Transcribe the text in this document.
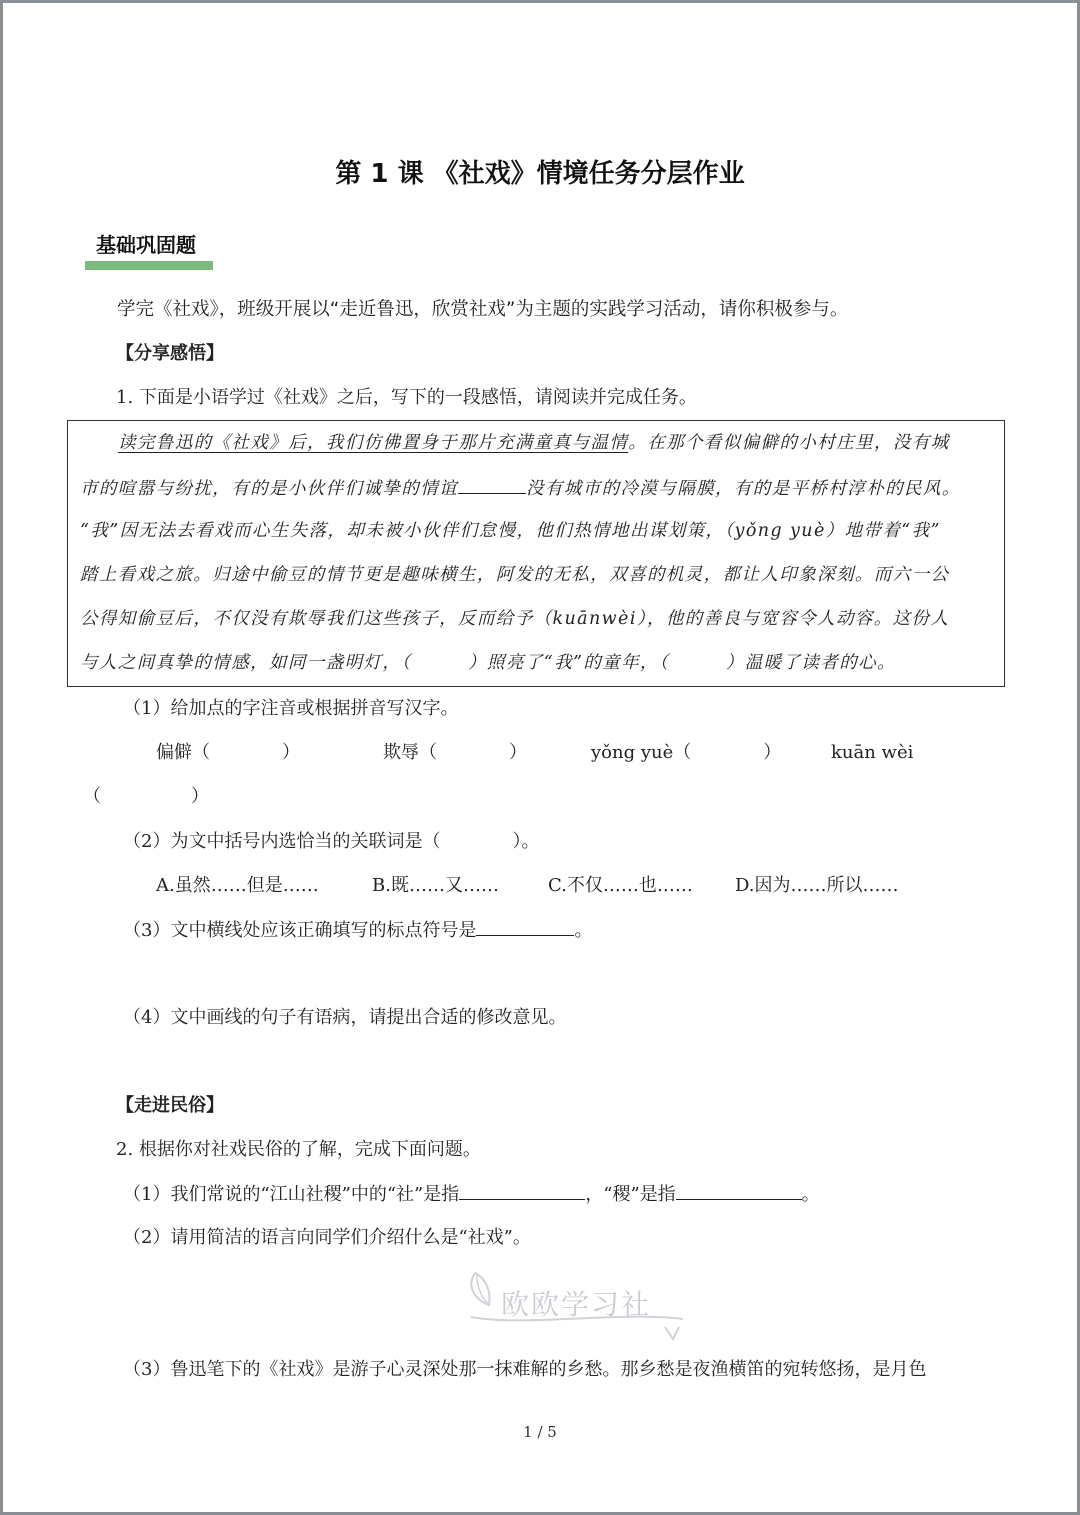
第 1 课 《社戏》情境任务分层作业
基础巩固题
学完《社戏》，班级开展以“走近鲁迅，欣赏社戏”为主题的实践学习活动，请你积极参与。
【分享感悟】
1. 下面是小语学过《社戏》之后，写下的一段感悟，请阅读并完成任务。
读完鲁迅的《社戏》后，我们仿佛置身于那片充满童真与温情。在那个看似偏僻的小村庄里，没有城
市的喧嚣与纷扰，有的是小伙伴们诚挚的情谊	没有城市的冷漠与隔膜，有的是平桥村淳朴的民风。
“我”因无法去看戏而心生失落，却未被小伙伴们怠慢，他们热情地出谋划策，（yǒng yuè）地带着“我”
踏上看戏之旅。归途中偷豆的情节更是趣味横生，阿发的无私，双喜的机灵，都让人印象深刻。而六一公
公得知偷豆后，不仅没有欺辱我们这些孩子，反而给予（kuānwèi），他的善良与宽容令人动容。这份人
与人之间真挚的情感，如同一盏明灯，（　　　）照亮了“我”的童年，（　　　）温暖了读者的心。
（1）给加点的字注音或根据拼音写汉字。
偏僻（　　　　）	欺辱（　　　　）	yǒng yuè（　　　　）	kuān wèi
（　　　　　）
（2）为文中括号内选恰当的关联词是（　　　　）。
A.虽然……但是……	B.既……又……	C.不仅……也…… D.因为……所以……
（3）文中横线处应该正确填写的标点符号是	。
（4）文中画线的句子有语病，请提出合适的修改意见。
【走进民俗】
2. 根据你对社戏民俗的了解，完成下面问题。
（1）我们常说的“江山社稷”中的“社”是指	，“稷”是指	。
（2）请用简洁的语言向同学们介绍什么是“社戏”。
欧欧学习社
（3）鲁迅笔下的《社戏》是游子心灵深处那一抹难解的乡愁。那乡愁是夜渔横笛的宛转悠扬，是月色
1 / 5
